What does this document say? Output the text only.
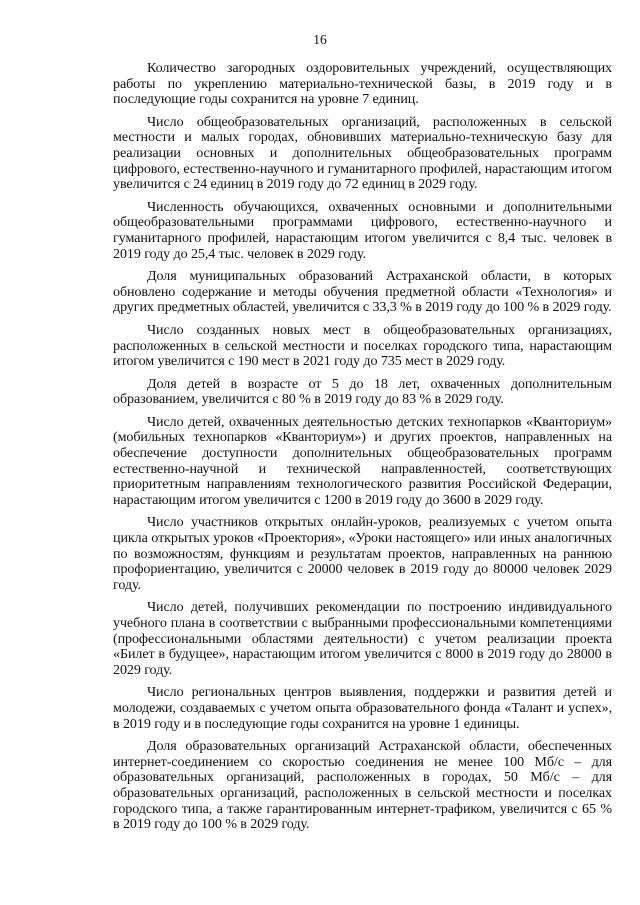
16

Количество загородных оздоровительных учреждений, осуществляющих работы по укреплению материально-технической базы, в 2019 году и в последующие годы сохранится на уровне 7 единиц.

Число общеобразовательных организаций, расположенных в сельской местности и малых городах, обновивших материально-техническую базу для реализации основных и дополнительных общеобразовательных программ цифрового, естественно-научного и гуманитарного профилей, нарастающим итогом увеличится с 24 единиц в 2019 году до 72 единиц в 2029 году.

Численность обучающихся, охваченных основными и дополнительными общеобразовательными программами цифрового, естественно-научного и гуманитарного профилей, нарастающим итогом увеличится с 8,4 тыс. человек в 2019 году до 25,4 тыс. человек в 2029 году.

Доля муниципальных образований Астраханской области, в которых обновлено содержание и методы обучения предметной области «Технология» и других предметных областей, увеличится с 33,3 % в 2019 году до 100 % в 2029 году.

Число созданных новых мест в общеобразовательных организациях, расположенных в сельской местности и поселках городского типа, нарастающим итогом увеличится с 190 мест в 2021 году до 735 мест в 2029 году.

Доля детей в возрасте от 5 до 18 лет, охваченных дополнительным образованием, увеличится с 80 % в 2019 году до 83 % в 2029 году.

Число детей, охваченных деятельностью детских технопарков «Кванториум» (мобильных технопарков «Кванториум») и других проектов, направленных на обеспечение доступности дополнительных общеобразовательных программ естественно-научной и технической направленностей, соответствующих приоритетным направлениям технологического развития Российской Федерации, нарастающим итогом увеличится с 1200 в 2019 году до 3600 в 2029 году.

Число участников открытых онлайн-уроков, реализуемых с учетом опыта цикла открытых уроков «Проектория», «Уроки настоящего» или иных аналогичных по возможностям, функциям и результатам проектов, направленных на раннюю профориентацию, увеличится с 20000 человек в 2019 году до 80000 человек 2029 году.

Число детей, получивших рекомендации по построению индивидуального учебного плана в соответствии с выбранными профессиональными компетенциями (профессиональными областями деятельности) с учетом реализации проекта «Билет в будущее», нарастающим итогом увеличится с 8000 в 2019 году до 28000 в 2029 году.

Число региональных центров выявления, поддержки и развития детей и молодежи, создаваемых с учетом опыта образовательного фонда «Талант и успех», в 2019 году и в последующие годы сохранится на уровне 1 единицы.

Доля образовательных организаций Астраханской области, обеспеченных интернет-соединением со скоростью соединения не менее 100 Мб/с – для образовательных организаций, расположенных в городах, 50 Мб/с – для образовательных организаций, расположенных в сельской местности и поселках городского типа, а также гарантированным интернет-трафиком, увеличится с 65 % в 2019 году до 100 % в 2029 году.
